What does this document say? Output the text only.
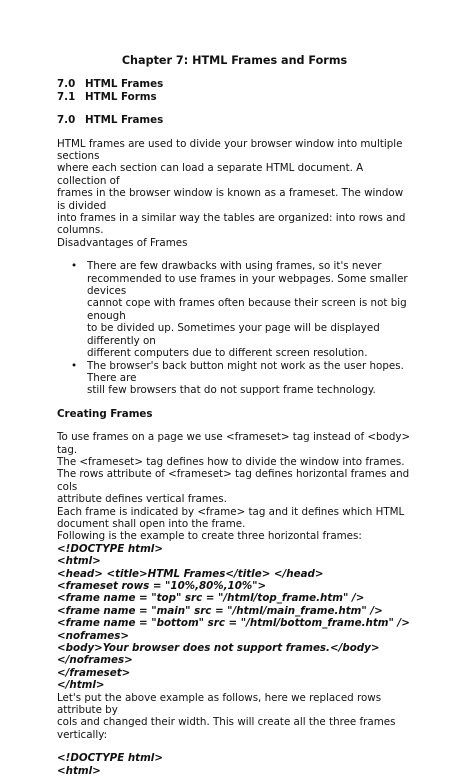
Chapter 7: HTML Frames and Forms
7.0 HTML Frames
7.1 HTML Forms
7.0 HTML Frames
HTML frames are used to divide your browser window into multiple sections
where each section can load a separate HTML document. A collection of
frames in the browser window is known as a frameset. The window is divided
into frames in a similar way the tables are organized: into rows and columns.
Disadvantages of Frames
• There are few drawbacks with using frames, so it's never
recommended to use frames in your webpages. Some smaller devices
cannot cope with frames often because their screen is not big enough
to be divided up. Sometimes your page will be displayed differently on
different computers due to different screen resolution.
• The browser's back button might not work as the user hopes. There are
still few browsers that do not support frame technology.
Creating Frames
To use frames on a page we use <frameset> tag instead of <body> tag.
The <frameset> tag defines how to divide the window into frames.
The rows attribute of <frameset> tag defines horizontal frames and cols
attribute defines vertical frames.
Each frame is indicated by <frame> tag and it defines which HTML
document shall open into the frame.
Following is the example to create three horizontal frames:
<!DOCTYPE html>
<html>
<head> <title>HTML Frames</title> </head>
<frameset rows = "10%,80%,10%">
<frame name = "top" src = "/html/top_frame.htm" />
<frame name = "main" src = "/html/main_frame.htm" />
<frame name = "bottom" src = "/html/bottom_frame.htm" />
<noframes>
<body>Your browser does not support frames.</body>
</noframes>
</frameset>
</html>
Let's put the above example as follows, here we replaced rows attribute by
cols and changed their width. This will create all the three frames vertically:
<!DOCTYPE html>
<html>
